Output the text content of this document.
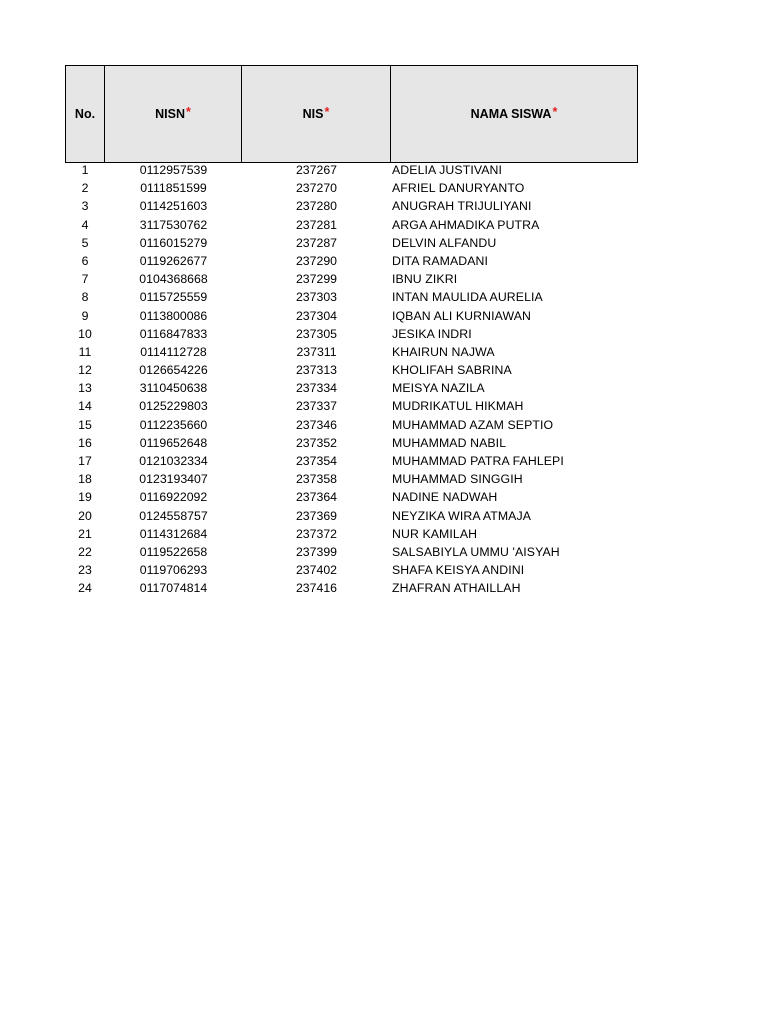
No.	NISN *	NIS *	NAMA SISWA *
1	0112957539	237267	ADELIA JUSTIVANI
2	0111851599	237270	AFRIEL DANURYANTO
3	0114251603	237280	ANUGRAH TRIJULIYANI
4	3117530762	237281	ARGA AHMADIKA PUTRA
5	0116015279	237287	DELVIN ALFANDU
6	0119262677	237290	DITA RAMADANI
7	0104368668	237299	IBNU ZIKRI
8	0115725559	237303	INTAN MAULIDA AURELIA
9	0113800086	237304	IQBAN ALI KURNIAWAN
10	0116847833	237305	JESIKA INDRI
11	0114112728	237311	KHAIRUN NAJWA
12	0126654226	237313	KHOLIFAH SABRINA
13	3110450638	237334	MEISYA NAZILA
14	0125229803	237337	MUDRIKATUL HIKMAH
15	0112235660	237346	MUHAMMAD AZAM SEPTIO
16	0119652648	237352	MUHAMMAD NABIL
17	0121032334	237354	MUHAMMAD PATRA FAHLEPI
18	0123193407	237358	MUHAMMAD SINGGIH
19	0116922092	237364	NADINE NADWAH
20	0124558757	237369	NEYZIKA WIRA ATMAJA
21	0114312684	237372	NUR KAMILAH
22	0119522658	237399	SALSABIYLA UMMU 'AISYAH
23	0119706293	237402	SHAFA KEISYA ANDINI
24	0117074814	237416	ZHAFRAN ATHAILLAH
